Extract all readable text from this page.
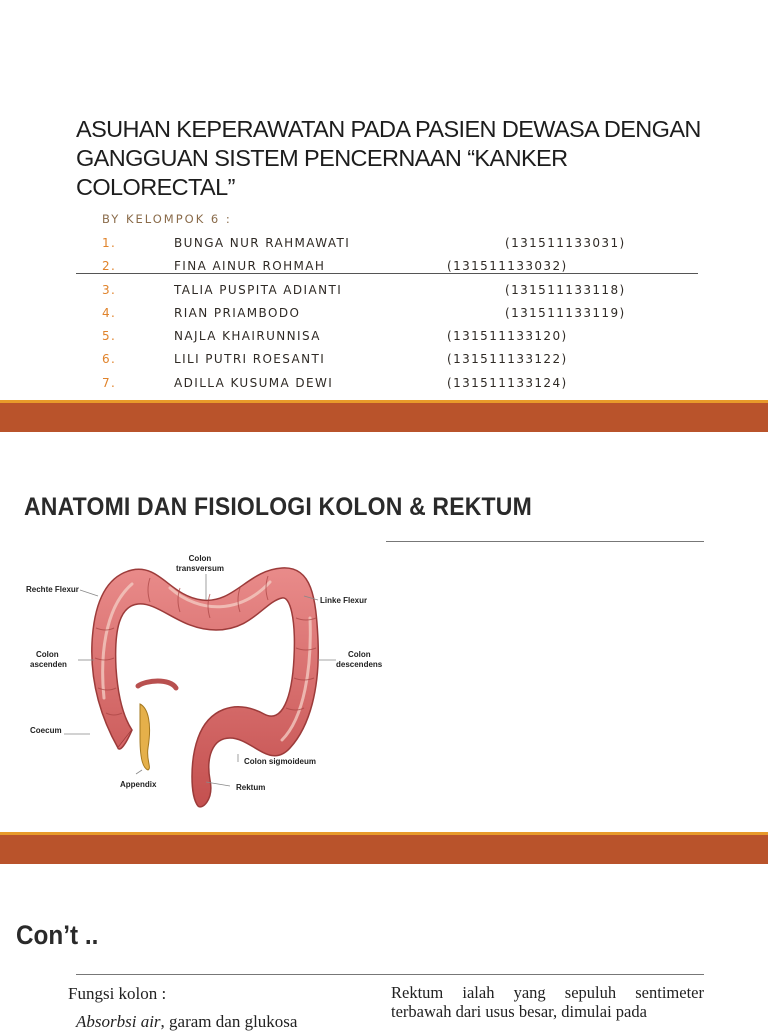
ASUHAN KEPERAWATAN PADA PASIEN DEWASA DENGAN GANGGUAN SISTEM PENCERNAAN “KANKER COLORECTAL”
BY KELOMPOK 6 :
1.	BUNGA NUR RAHMAWATI	(131511133031)
2.	FINA AINUR ROHMAH	(131511133032)
3.	TALIA PUSPITA ADIANTI	(131511133118)
4.	RIAN PRIAMBODO	(131511133119)
5.	NAJLA KHAIRUNNISA	(131511133120)
6.	LILI PUTRI ROESANTI	(131511133122)
7.	ADILLA KUSUMA DEWI	(131511133124)
ANATOMI DAN FISIOLOGI KOLON & REKTUM
Colon
transversum
Rechte Flexur
Linke Flexur
Colon
ascenden
Colon
descendens
Coecum
Colon sigmoideum
Appendix	Rektum
Con’t ..
Fungsi kolon :
Absorbsi air, garam dan glukosa
Rektum ialah yang sepuluh sentimeter terbawah dari usus besar, dimulai pada
